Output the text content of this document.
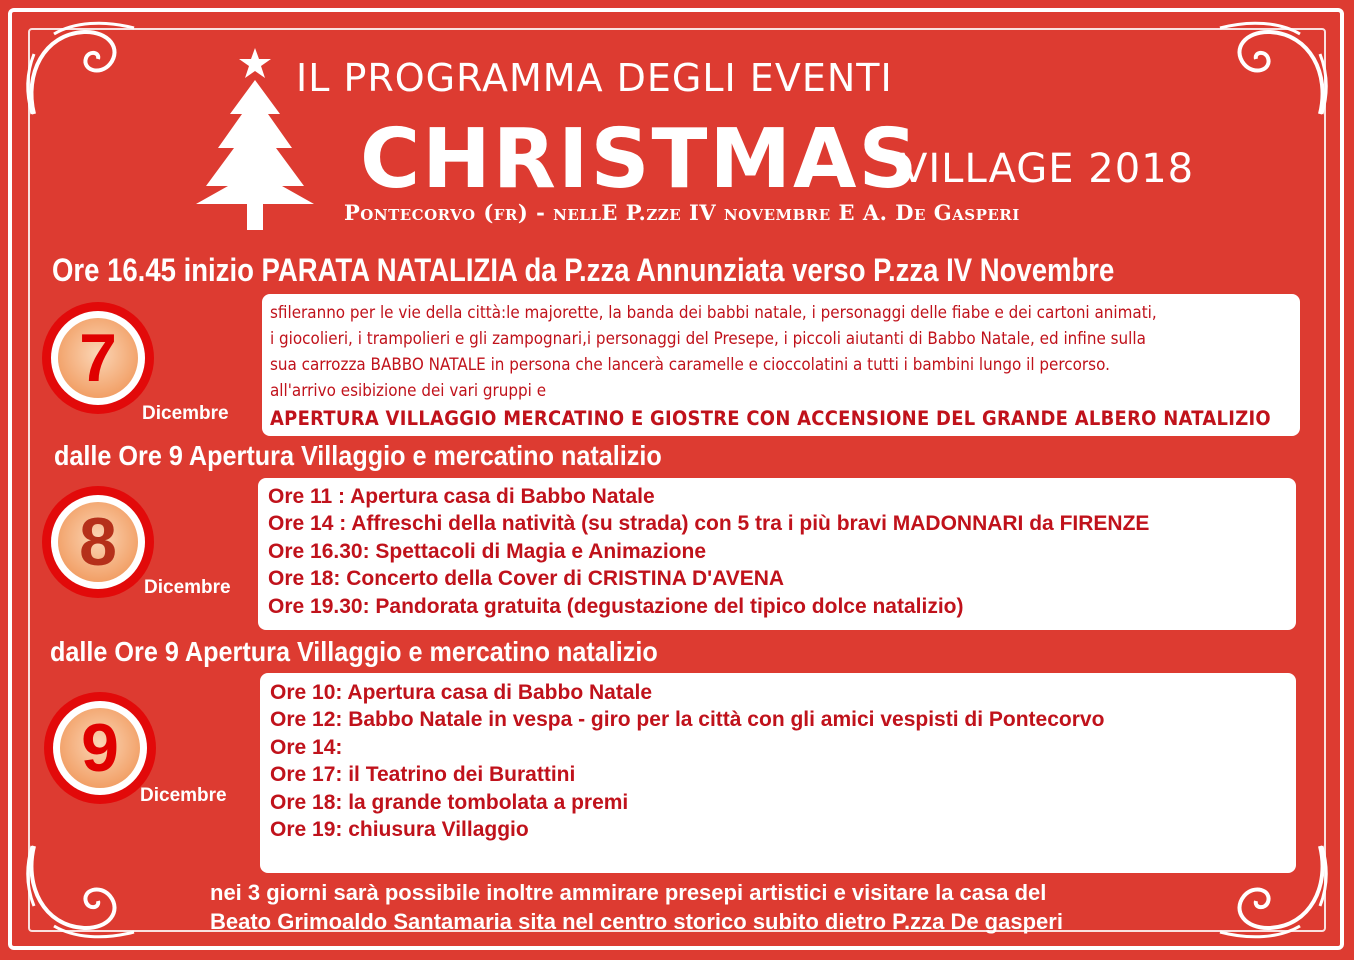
IL PROGRAMMA DEGLI EVENTI
CHRISTMAS
VILLAGE 2018
Pontecorvo (fr) - nellE P.zze IV novembre E A. De Gasperi
Ore 16.45 inizio PARATA NATALIZIA da P.zza Annunziata verso P.zza IV Novembre
7
Dicembre
sfileranno per le vie della città:le majorette, la banda dei babbi natale, i personaggi delle fiabe e dei cartoni animati,
i giocolieri, i trampolieri e gli zampognari,i personaggi del Presepe, i piccoli aiutanti di Babbo Natale, ed infine sulla
sua carrozza BABBO NATALE in persona che lancerà caramelle e cioccolatini a tutti i bambini lungo il percorso.
all'arrivo esibizione dei vari gruppi e
APERTURA VILLAGGIO MERCATINO E GIOSTRE CON ACCENSIONE DEL GRANDE ALBERO NATALIZIO
dalle Ore 9 Apertura Villaggio e mercatino natalizio
8
Dicembre
Ore 11 : Apertura casa di Babbo Natale
Ore 14 : Affreschi della natività (su strada) con 5 tra i più bravi MADONNARI da FIRENZE
Ore 16.30: Spettacoli di Magia e Animazione
Ore 18: Concerto della Cover di CRISTINA D'AVENA
Ore 19.30: Pandorata gratuita (degustazione del tipico dolce natalizio)
dalle Ore 9 Apertura Villaggio e mercatino natalizio
9
Dicembre
Ore 10: Apertura casa di Babbo Natale
Ore 12: Babbo Natale in vespa - giro per la città con gli amici vespisti di Pontecorvo
Ore 14:
Ore 17: il Teatrino dei Burattini
Ore 18: la grande tombolata a premi
Ore 19: chiusura Villaggio
nei 3 giorni sarà possibile inoltre ammirare presepi artistici e visitare la casa del
Beato Grimoaldo Santamaria sita nel centro storico subito dietro P.zza De gasperi
